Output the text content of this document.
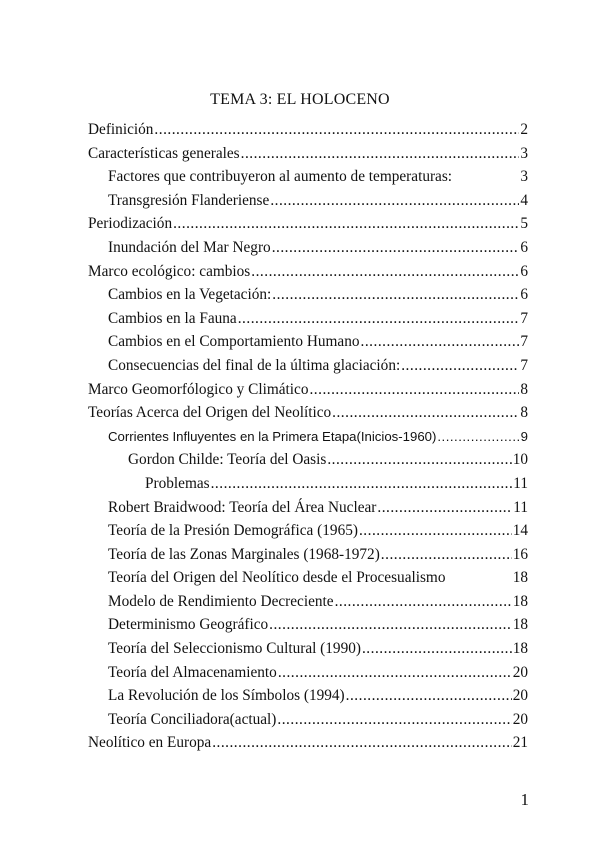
TEMA 3: EL HOLOCENO
Definición .....	2
Características generales .....	3
Factores que contribuyeron al aumento de temperaturas:	3
Transgresión Flanderiense .....	4
Periodización .....	5
Inundación del Mar Negro .....	6
Marco ecológico: cambios .....	6
Cambios en la Vegetación: .....	6
Cambios en la Fauna .....	7
Cambios en el Comportamiento Humano .....	7
Consecuencias del final de la última glaciación: .....	7
Marco Geomorfólogico y Climático .....	8
Teorías Acerca del Origen del Neolítico .....	8
Corrientes Influyentes en la Primera Etapa(Inicios-1960) .....	9
Gordon Childe: Teoría del Oasis .....	10
Problemas .....	11
Robert Braidwood: Teoría del Área Nuclear .....	11
Teoría de la Presión Demográfica (1965) .....	14
Teoría de las Zonas Marginales (1968-1972) .....	16
Teoría del Origen del Neolítico desde el Procesualismo	18
Modelo de Rendimiento Decreciente .....	18
Determinismo Geográfico .....	18
Teoría del Seleccionismo Cultural (1990) .....	18
Teoría del Almacenamiento .....	20
La Revolución de los Símbolos (1994) .....	20
Teoría Conciliadora(actual) .....	20
Neolítico en Europa .....	21
1
